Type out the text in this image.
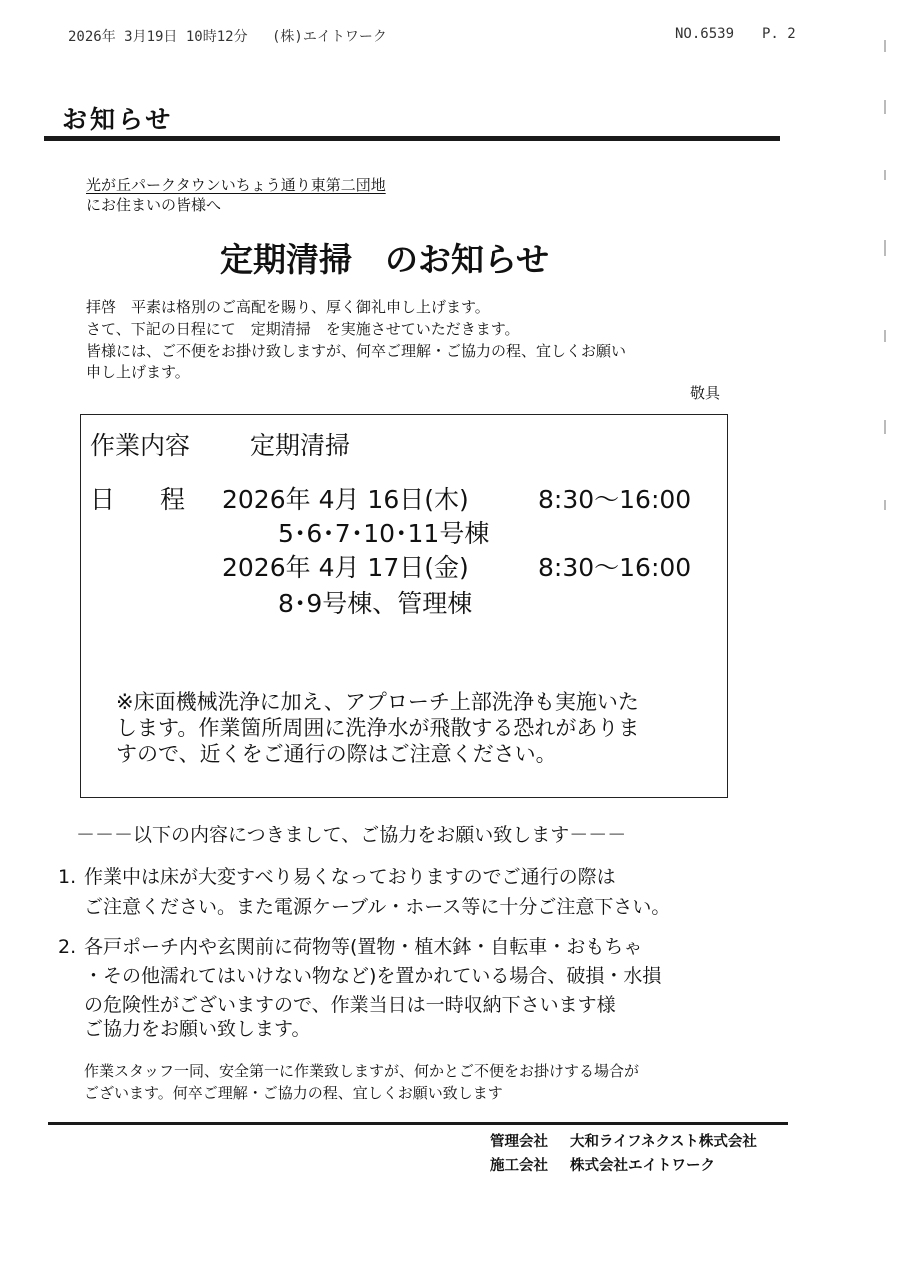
2026年 3月19日 10時12分 (株)エイトワーク	NO.6539 P. 2
お知らせ
光が丘パークタウンいちょう通り東第二団地
にお住まいの皆様へ
定期清掃　のお知らせ
拝啓　平素は格別のご高配を賜り、厚く御礼申し上げます。
さて、下記の日程にて　定期清掃　を実施させていただきます。
皆様には、ご不便をお掛け致しますが、何卒ご理解・ご協力の程、宜しくお願い
申し上げます。
敬具
作業内容 定期清掃
日 程 2026年 4月 16日(木)	8:30～16:00
5･6･7･10･11号棟
2026年 4月 17日(金)	8:30～16:00
8･9号棟、管理棟
※床面機械洗浄に加え、アプローチ上部洗浄も実施いた
します。作業箇所周囲に洗浄水が飛散する恐れがありま
すので、近くをご通行の際はご注意ください。
－－－以下の内容につきまして、ご協力をお願い致します－－－
1. 作業中は床が大変すべり易くなっておりますのでご通行の際は
ご注意ください。また電源ケーブル・ホース等に十分ご注意下さい。
2. 各戸ポーチ内や玄関前に荷物等(置物・植木鉢・自転車・おもちゃ
・その他濡れてはいけない物など)を置かれている場合、破損・水損
の危険性がございますので、作業当日は一時収納下さいます様
ご協力をお願い致します。
作業スタッフ一同、安全第一に作業致しますが、何かとご不便をお掛けする場合が
ございます。何卒ご理解・ご協力の程、宜しくお願い致します
管理会社 大和ライフネクスト株式会社
施工会社 株式会社エイトワーク
